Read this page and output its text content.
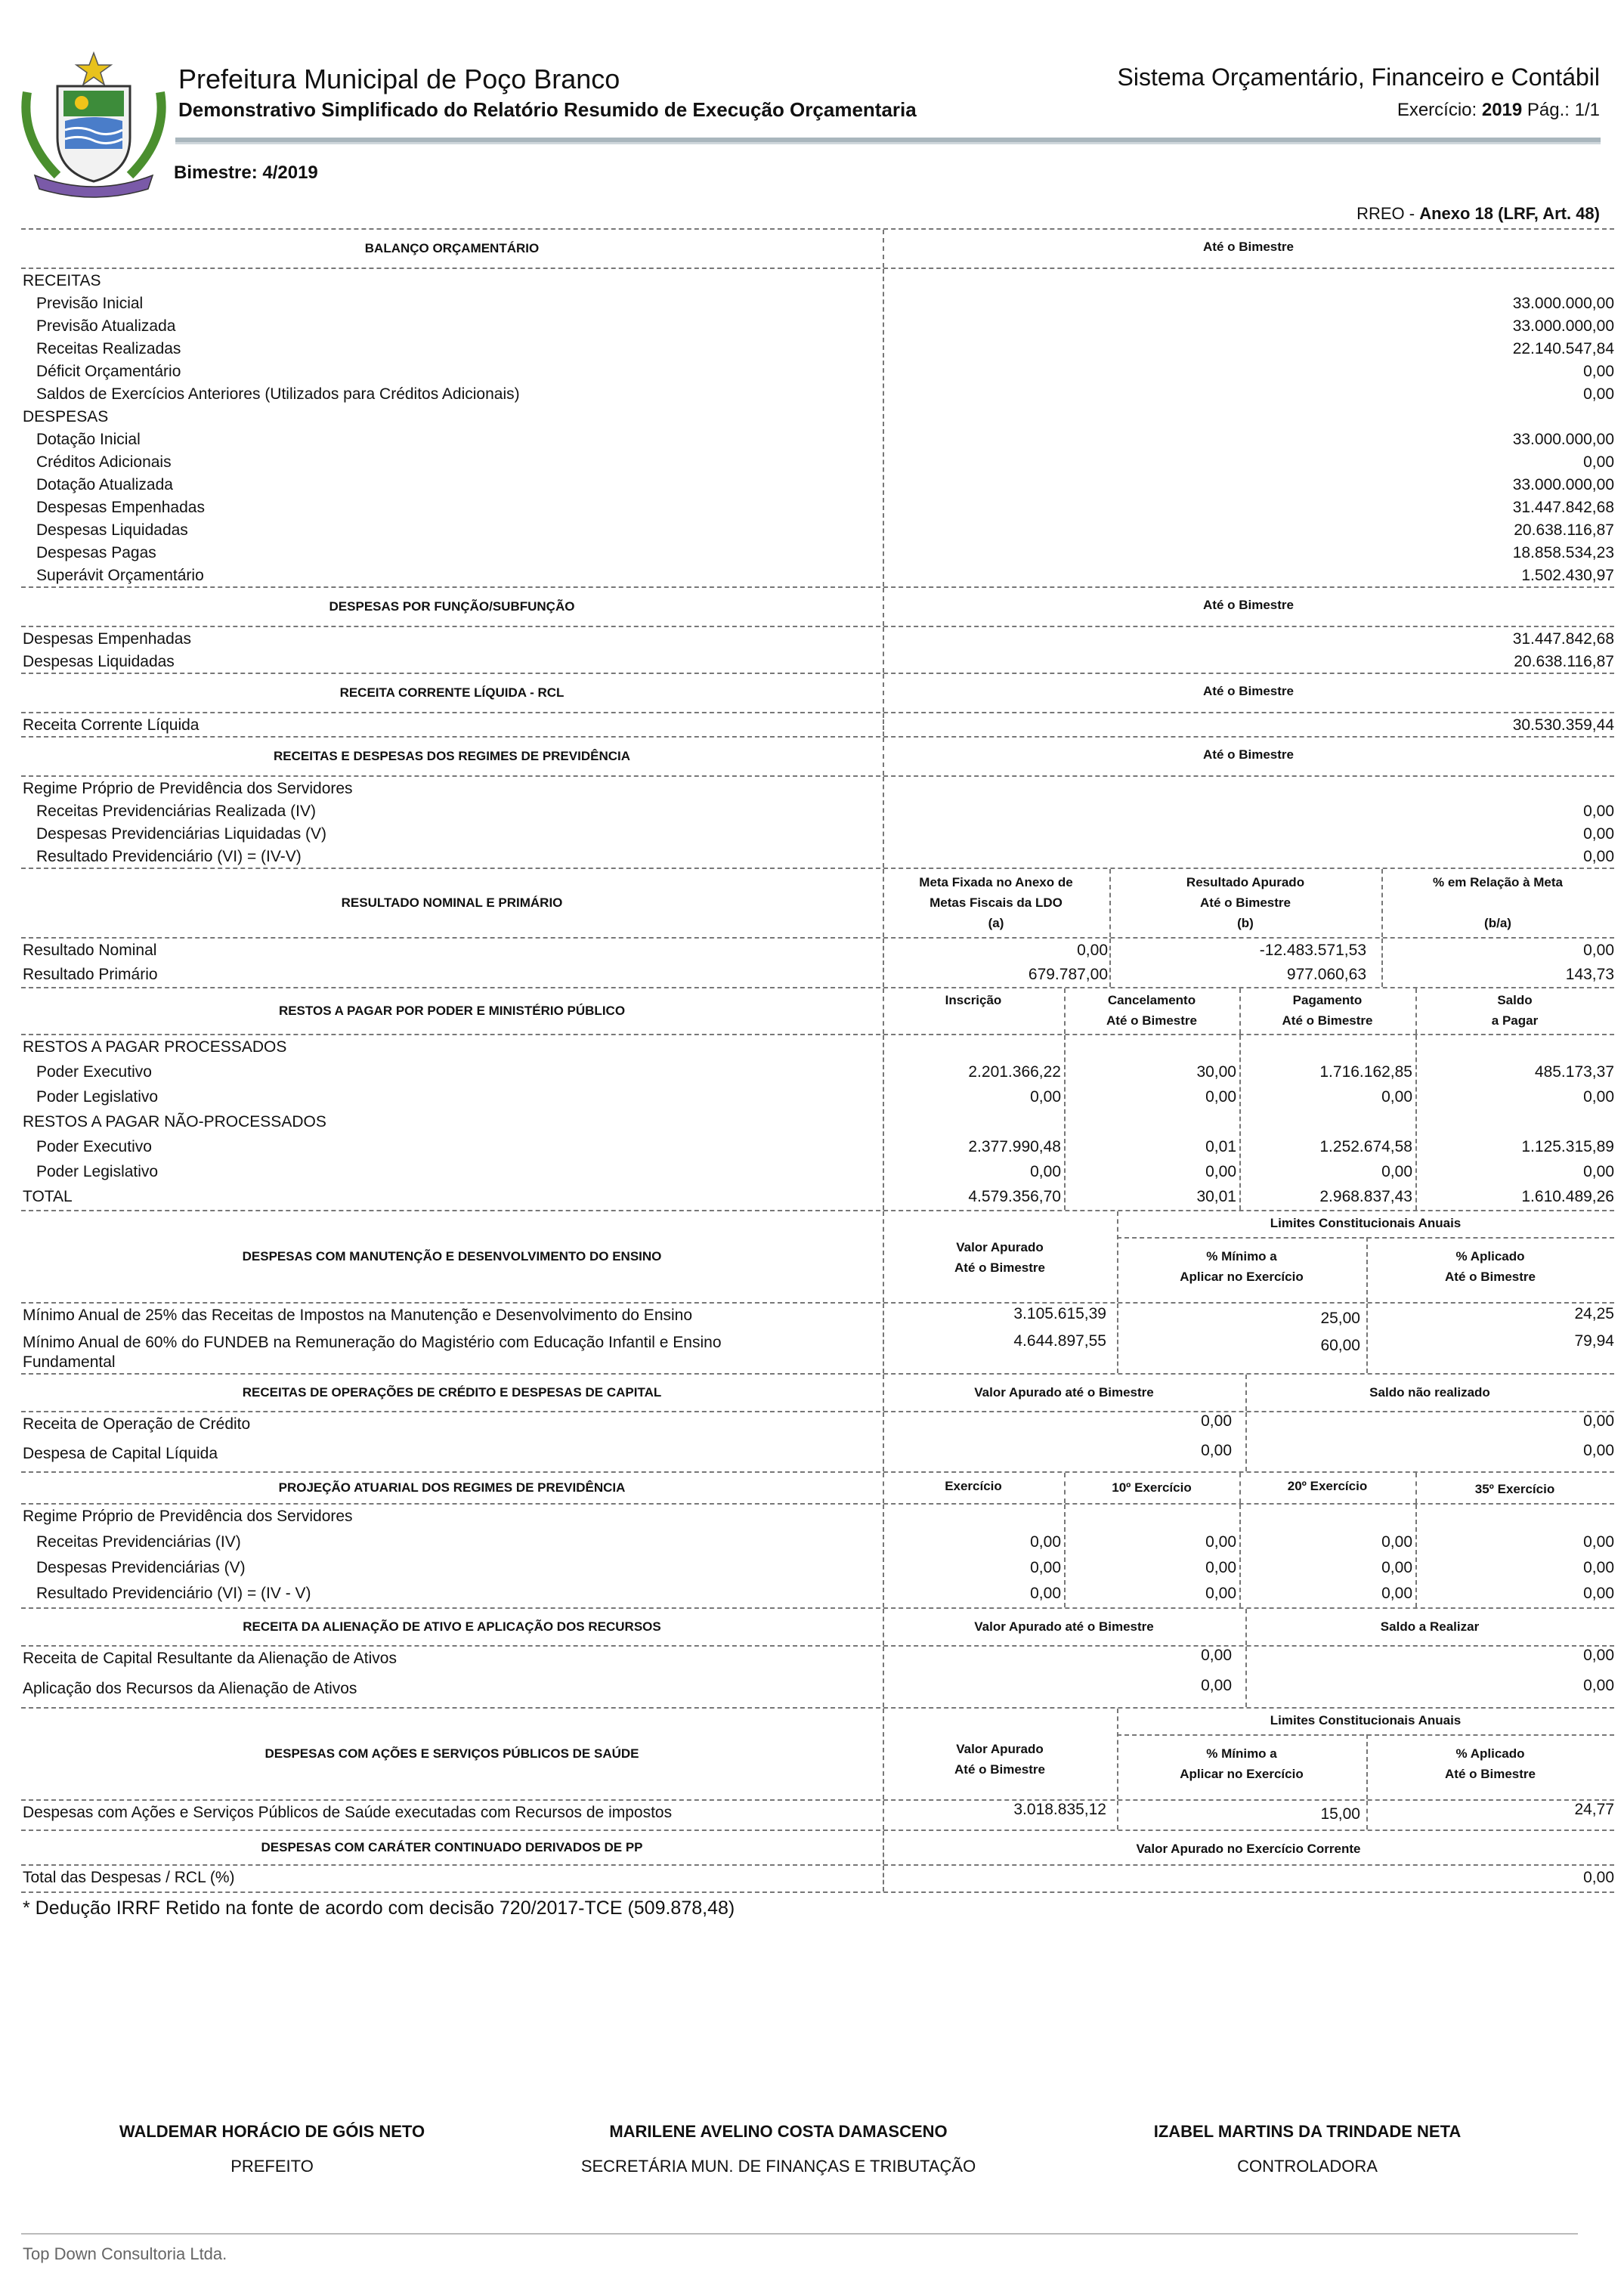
Prefeitura Municipal de Poço Branco
Demonstrativo Simplificado do Relatório Resumido de Execução Orçamentaria
Sistema Orçamentário, Financeiro e Contábil
Exercício: 2019 Pág.: 1/1
Bimestre: 4/2019
RREO - Anexo 18 (LRF, Art. 48)
BALANÇO ORÇAMENTÁRIO	Até o Bimestre
RECEITAS
Previsão Inicial	33.000.000,00
Previsão Atualizada	33.000.000,00
Receitas Realizadas	22.140.547,84
Déficit Orçamentário	0,00
Saldos de Exercícios Anteriores (Utilizados para Créditos Adicionais)	0,00
DESPESAS
Dotação Inicial	33.000.000,00
Créditos Adicionais	0,00
Dotação Atualizada	33.000.000,00
Despesas Empenhadas	31.447.842,68
Despesas Liquidadas	20.638.116,87
Despesas Pagas	18.858.534,23
Superávit Orçamentário	1.502.430,97
DESPESAS POR FUNÇÃO/SUBFUNÇÃO	Até o Bimestre
Despesas Empenhadas	31.447.842,68
Despesas Liquidadas	20.638.116,87
RECEITA CORRENTE LÍQUIDA - RCL	Até o Bimestre
Receita Corrente Líquida	30.530.359,44
RECEITAS E DESPESAS DOS REGIMES DE PREVIDÊNCIA	Até o Bimestre
Regime Próprio de Previdência dos Servidores
Receitas Previdenciárias Realizada (IV)	0,00
Despesas Previdenciárias Liquidadas (V)	0,00
Resultado Previdenciário (VI) = (IV-V)	0,00
RESULTADO NOMINAL E PRIMÁRIO
Meta Fixada no Anexo de
Metas Fiscais da LDO
(a)
Resultado Apurado
Até o Bimestre
(b)
% em Relação à Meta
(b/a)
Resultado Nominal	0,00	-12.483.571,53	0,00
Resultado Primário	679.787,00	977.060,63	143,73
RESTOS A PAGAR POR PODER E MINISTÉRIO PÚBLICO
Inscrição	Cancelamento
Até o Bimestre
Pagamento
Até o Bimestre
Saldo
a Pagar
RESTOS A PAGAR PROCESSADOS
Poder Executivo	2.201.366,22	30,00	1.716.162,85	485.173,37
Poder Legislativo	0,00	0,00	0,00	0,00
RESTOS A PAGAR NÃO-PROCESSADOS
Poder Executivo	2.377.990,48	0,01	1.252.674,58	1.125.315,89
Poder Legislativo	0,00	0,00	0,00	0,00
TOTAL	4.579.356,70	30,01	2.968.837,43	1.610.489,26
DESPESAS COM MANUTENÇÃO E DESENVOLVIMENTO DO ENSINO
Valor Apurado
Até o Bimestre
Limites Constitucionais Anuais
% Mínimo a
Aplicar no Exercício
% Aplicado
Até o Bimestre
Mínimo Anual de 25% das Receitas de Impostos na Manutenção e Desenvolvimento do Ensino	3.105.615,39	25,00	24,25
Mínimo Anual de 60% do FUNDEB na Remuneração do Magistério com Educação Infantil e Ensino	4.644.897,55	60,00	79,94
Fundamental
RECEITAS DE OPERAÇÕES DE CRÉDITO E DESPESAS DE CAPITAL	Valor Apurado até o Bimestre	Saldo não realizado
Receita de Operação de Crédito	0,00	0,00
Despesa de Capital Líquida	0,00	0,00
PROJEÇÃO ATUARIAL DOS REGIMES DE PREVIDÊNCIA	Exercício	10º Exercício	20º Exercício	35º Exercício
Regime Próprio de Previdência dos Servidores
Receitas Previdenciárias (IV)	0,00	0,00	0,00	0,00
Despesas Previdenciárias (V)	0,00	0,00	0,00	0,00
Resultado Previdenciário (VI) = (IV - V)	0,00	0,00	0,00	0,00
RECEITA DA ALIENAÇÃO DE ATIVO E APLICAÇÃO DOS RECURSOS	Valor Apurado até o Bimestre	Saldo a Realizar
Receita de Capital Resultante da Alienação de Ativos	0,00	0,00
Aplicação dos Recursos da Alienação de Ativos	0,00	0,00
DESPESAS COM AÇÕES E SERVIÇOS PÚBLICOS DE SAÚDE	Valor Apurado
Até o Bimestre
Limites Constitucionais Anuais
% Mínimo a
Aplicar no Exercício
% Aplicado
Até o Bimestre
Despesas com Ações e Serviços Públicos de Saúde executadas com Recursos de impostos	3.018.835,12	15,00	24,77
DESPESAS COM CARÁTER CONTINUADO DERIVADOS DE PP	Valor Apurado no Exercício Corrente
Total das Despesas / RCL (%)	0,00
* Dedução IRRF Retido na fonte de acordo com decisão 720/2017-TCE (509.878,48)
WALDEMAR HORÁCIO DE GÓIS NETO
PREFEITO
MARILENE AVELINO COSTA DAMASCENO
SECRETÁRIA MUN. DE FINANÇAS E TRIBUTAÇÃO
IZABEL MARTINS DA TRINDADE NETA
CONTROLADORA
Top Down Consultoria Ltda.
